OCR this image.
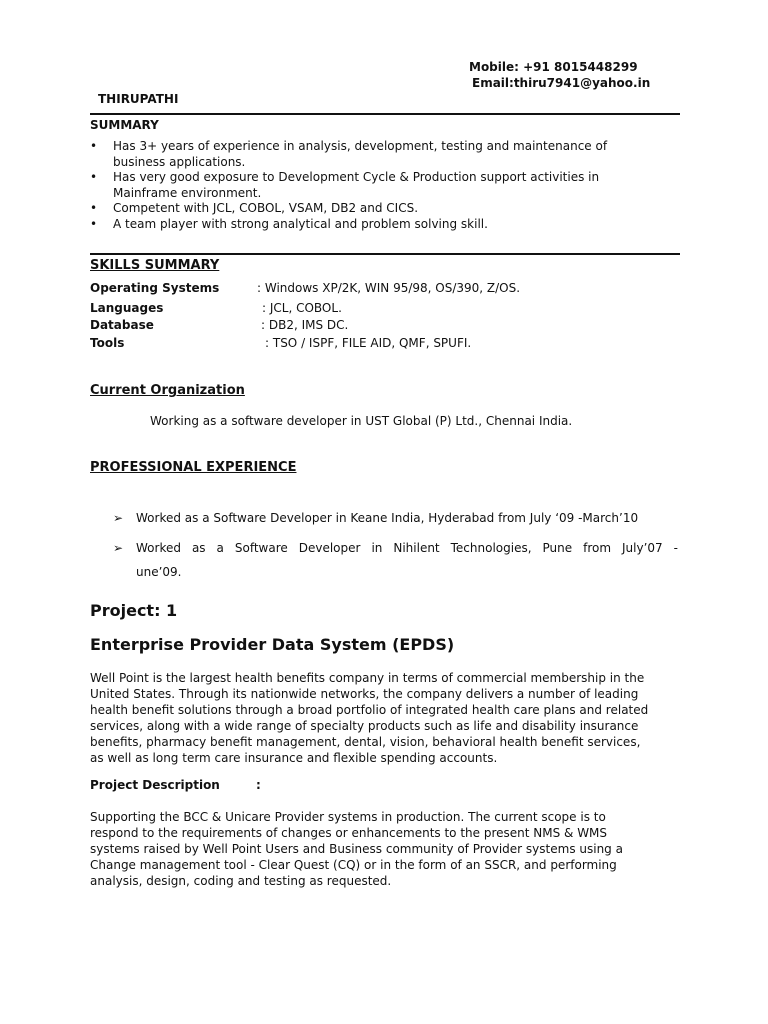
Mobile: +91 8015448299
Email:thiru7941@yahoo.in
THIRUPATHI
SUMMARY
• Has 3+ years of experience in analysis, development, testing and maintenance of business applications.
• Has very good exposure to Development Cycle & Production support activities in Mainframe environment.
• Competent with JCL, COBOL, VSAM, DB2 and CICS.
• A team player with strong analytical and problem solving skill.
SKILLS SUMMARY
Operating Systems	: Windows XP/2K, WIN 95/98, OS/390, Z/OS.
Languages	: JCL, COBOL.
Database	: DB2, IMS DC.
Tools	: TSO / ISPF, FILE AID, QMF, SPUFI.
Current Organization
Working as a software developer in UST Global (P) Ltd., Chennai India.
PROFESSIONAL EXPERIENCE
➢ Worked as a Software Developer in Keane India, Hyderabad from July ‘09 -March’10
➢ Worked as a Software Developer in Nihilent Technologies, Pune from July’07 -
une’09.
Project: 1
Enterprise Provider Data System (EPDS)
Well Point is the largest health benefits company in terms of commercial membership in the
United States. Through its nationwide networks, the company delivers a number of leading
health benefit solutions through a broad portfolio of integrated health care plans and related
services, along with a wide range of specialty products such as life and disability insurance
benefits, pharmacy benefit management, dental, vision, behavioral health benefit services,
as well as long term care insurance and flexible spending accounts.
Project Description	:
Supporting the BCC & Unicare Provider systems in production. The current scope is to
respond to the requirements of changes or enhancements to the present NMS & WMS
systems raised by Well Point Users and Business community of Provider systems using a
Change management tool - Clear Quest (CQ) or in the form of an SSCR, and performing
analysis, design, coding and testing as requested.
